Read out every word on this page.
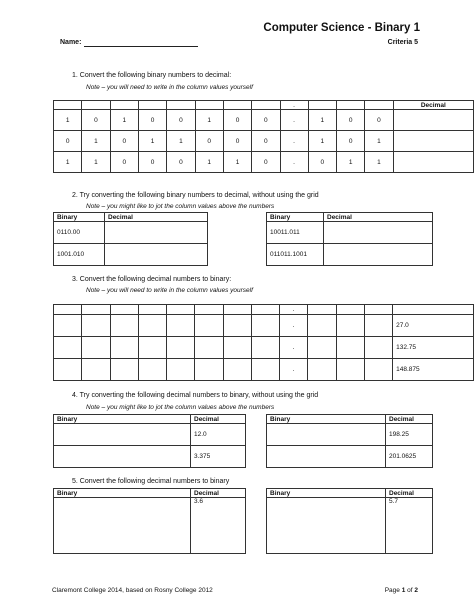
Computer Science - Binary 1
Name:	Criteria 5
1. Convert the following binary numbers to decimal:
Note – you will need to write in the column values yourself
								.				Decimal
1	0	1	0	0	1	0	0	.	1	0	0	
0	1	0	1	1	0	0	0	.	1	0	1	
1	1	0	0	0	1	1	0	.	0	1	1	
2. Try converting the following binary numbers to decimal, without using the grid
Note – you might like to jot the column values above the numbers
Binary	Decimal
0110.00	
1001.010	
Binary	Decimal
10011.011	
011011.1001	
3. Convert the following decimal numbers to binary:
Note – you will need to write in the column values yourself
								.				
								.				27.0
								.				132.75
								.				148.875
4. Try converting the following decimal numbers to binary, without using the grid
Note – you might like to jot the column values above the numbers
Binary	Decimal
	12.0
	3.375
Binary	Decimal
	198.25
	201.0625
5. Convert the following decimal numbers to binary
Binary	Decimal
	3.6
Binary	Decimal
	5.7
Claremont College 2014, based on Rosny College 2012	Page 1 of 2
